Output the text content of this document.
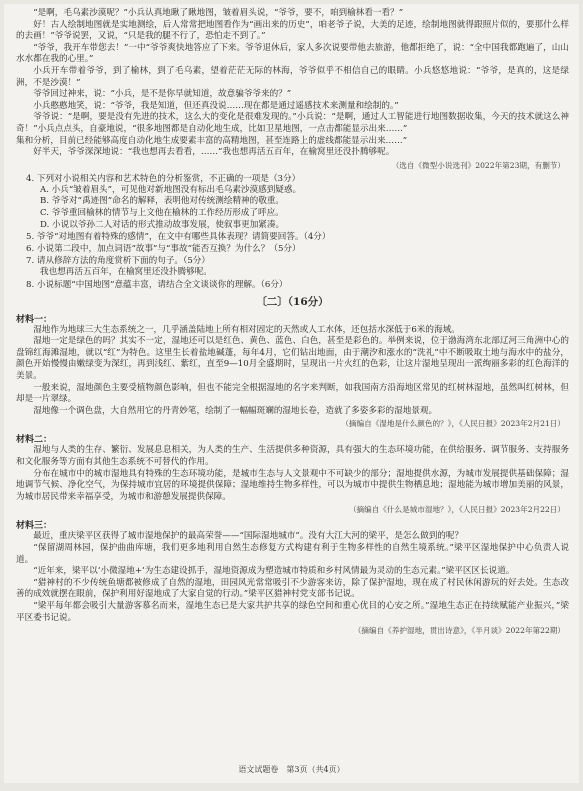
“是啊，毛乌素沙漠呢？”小兵认真地瞅了瞅地图，皱着眉头说，“爷爷，要不，咱到榆林看一看？”

好！古人绘制地图就是实地测绘，后人常常把地图看作为“画出来的历史”，咱老爷子说，大美的足迹，绘制地图就得跟照片似的，要那什么样的去画！”爷爷说罢，又说，“只是我的腿不行了，恐怕走不到了。”

“爷爷，我开车带您去！”一中“爷爷爽快地答应了下来。爷爷退休后，家人多次说要带他去旅游，他都拒绝了，说：“全中国我都跑遍了，山山水水都在我的心里。”

小兵开车带着爷爷，到了榆林，到了毛乌素，望着茫茫无际的林海，爷爷似乎不相信自己的眼睛。小兵悠悠地说：“爷爷，是真的，这是绿洲，不是沙漠！”

爷爷回过神来，说：“小兵，是不是你早就知道，故意骗爷爷来的？”

小兵憨憨地笑，说：“爷爷，我是知道，但还真没说……现在都是通过遥感技术来测量和绘制的。”

爷爷说：“是啊，要是没有先进的技术，这么大的变化是很难发现的。”小兵说：“是啊，通过人工智能进行地图数据收集，今天的技术就这么神奇！”小兵点点头，自豪地说，“很多地图都是自动化地生成，比如卫星地图，一点击都能显示出来……”

集和分析，目前已经能够高度自动化地生成要素丰富的高精地图，甚至连路上的虚线都能显示出来……”

好半天，爷爷深深地说：“我也想再去看看，……”我也想再活五百年，在榆窝里还没扑腾够呢。

（选自《微型小说选刊》2022年第23期，有删节）

4. 下列对小说相关内容和艺术特色的分析鉴赏，不正确的一项是（3分）

A. 小兵“皱着眉头”，可见他对新地图没有标出毛乌素沙漠感到疑惑。

B. 爷爷对“禹迹图”命名的解释，表明他对传统测绘精神的敬重。

C. 爷爷重回榆林的情节与上文他在榆林的工作经历形成了呼应。

D. 小说以爷孙二人对话的形式推动故事发展，使叙事更加紧凑。

5. 爷爷“对地图有着特殊的感情”，在文中有哪些具体表现？请简要回答。（4分）

6. 小说第二段中，加点词语“故事”与“事故”能否互换？为什么？（5分）

7. 请从修辞方法的角度赏析下面的句子。（5分）

我也想再活五百年，在榆窝里还没扑腾够呢。

8. 小说标题“中国地图”意蕴丰富，请结合全文谈谈你的理解。（6分）

〔二〕（16分）

材料一：

湿地作为地球三大生态系统之一，几乎涵盖陆地上所有相对固定的天然或人工水体，还包括水深低于6米的海域。

湿地一定是绿色的吗？其实不一定，湿地还可以是红色、黄色、蓝色、白色，甚至是彩色的。举例来说，位于渤海湾东北部辽河三角洲中心的盘锦红海滩湿地，就以“红”为特色。这里生长着盐地碱蓬，每年4月，它们钻出地面，由于潮汐和涨水的“洗礼”中不断吸取土地与海水中的盐分，颜色开始慢慢由嫩绿变为深红，再到浅红、紫红，直至9—10月全盛期时，呈现出一片火红的色彩，让这片湿地呈现出一派绚丽多彩的红色海洋的美景。

一般来说，湿地颜色主要受植物颜色影响，但也不能完全根据湿地的名字来判断，如我国南方沿海地区常见的红树林湿地，虽然叫红树林，但却是一片翠绿。

湿地像一个调色盘，大自然用它的丹青妙笔，绘制了一幅幅斑斓的湿地长卷，造就了多姿多彩的湿地景观。

（摘编自《湿地是什么颜色的？》，《人民日报》2023年2月21日）

材料二：

湿地与人类的生存、繁衍、发展息息相关，为人类的生产、生活提供多种资源，具有强大的生态环境功能，在供给服务、调节服务、支持服务和文化服务等方面有其他生态系统不可替代的作用。

分布在城市中的城市湿地具有特殊的生态环境功能，是城市生态与人文景观中不可缺少的部分；湿地提供水源，为城市发展提供基础保障；湿地调节气候、净化空气，为保持城市宜居的环境提供保障；湿地维持生物多样性，可以为城市中提供生物栖息地；湿地能为城市增加美丽的风景，为城市居民带来幸福享受，为城市和游憩发展提供保障。

（摘编自《什么是城市湿地？》，《人民日报》2023年2月22日）

材料三：

最近，重庆梁平区获得了城市湿地保护的最高荣誉——“国际湿地城市”。没有大江大河的梁平，是怎么做到的呢？

“保留湖周林园，保护曲曲库塘，我们更多地利用自然生态修复方式构建有利于生物多样性的自然生境系统。”梁平区湿地保护中心负责人说道。

“近年来，梁平以‘小微湿地+’为生态建设抓手，湿地资源成为塑造城市特质和乡村风情最为灵动的生态元素。”梁平区区长说道。

“猎神村的不少传统鱼塘都被修成了自然的湿地，田园风光常常吸引不少游客来访，除了保护湿地，现在成了村民休闲游玩的好去处。生态改善的成效就摆在眼前，保护利用好湿地成了大家自觉的行动。”梁平区猎神村党支部书记说。

“梁平每年都会吸引大量游客慕名而来，湿地生态已是大家共护共享的绿色空间和重心优目的心安之所。”湿地生态正在持续赋能产业振兴，”梁平区委书记说。

（摘编自《养护湿地，贯出诗意》，《半月谈》2022年第22期）
语文试题卷　第3页（共4页）
